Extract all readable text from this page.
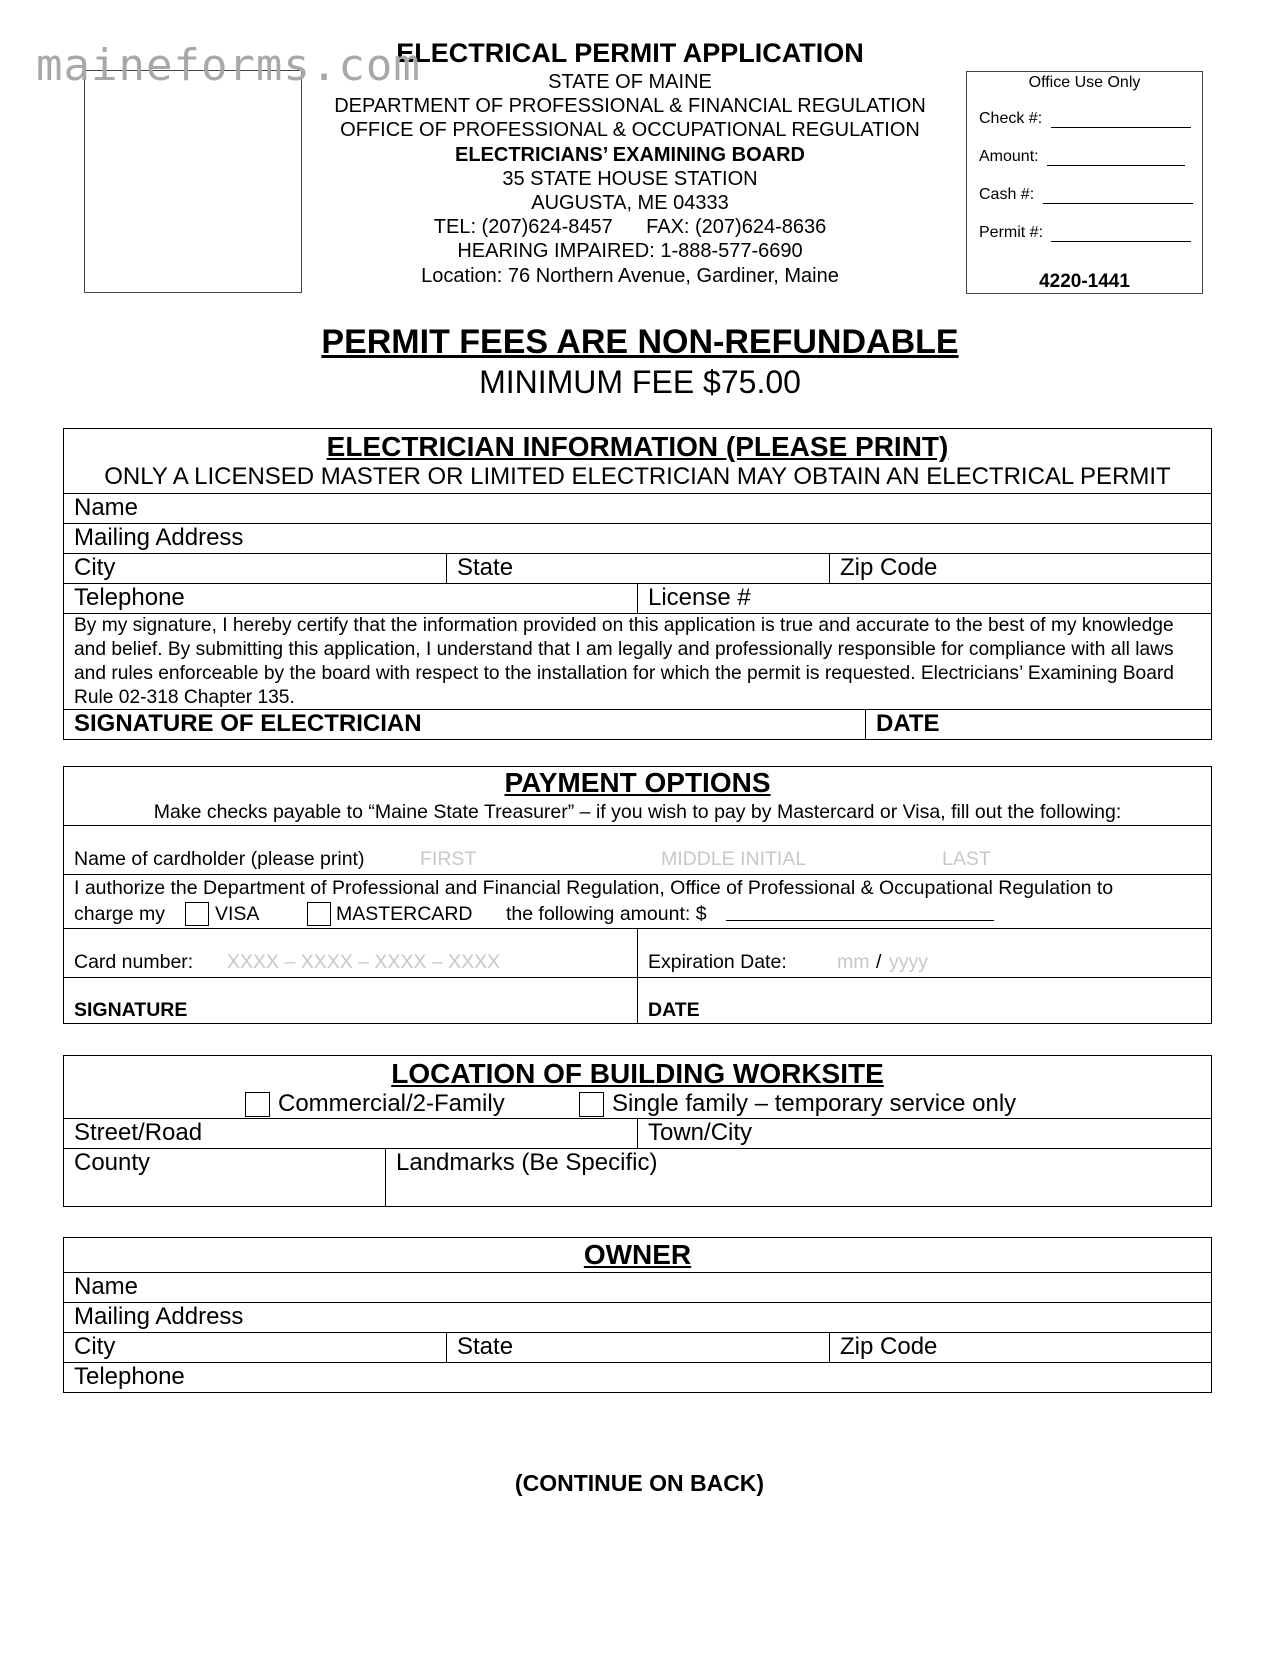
maineforms.com
ELECTRICAL PERMIT APPLICATION
STATE OF MAINE
DEPARTMENT OF PROFESSIONAL & FINANCIAL REGULATION
OFFICE OF PROFESSIONAL & OCCUPATIONAL REGULATION
ELECTRICIANS’ EXAMINING BOARD
35 STATE HOUSE STATION
AUGUSTA, ME 04333
TEL: (207)624-8457      FAX: (207)624-8636
HEARING IMPAIRED: 1-888-577-6690
Location: 76 Northern Avenue, Gardiner, Maine
Office Use Only
Check #:
Amount:
Cash #:
Permit #:
4220-1441
PERMIT FEES ARE NON-REFUNDABLE
MINIMUM FEE $75.00
ELECTRICIAN INFORMATION (PLEASE PRINT)
ONLY A LICENSED MASTER OR LIMITED ELECTRICIAN MAY OBTAIN AN ELECTRICAL PERMIT
Name
Mailing Address
City	State	Zip Code
Telephone	License #
By my signature, I hereby certify that the information provided on this application is true and accurate to the best of my knowledge and belief. By submitting this application, I understand that I am legally and professionally responsible for compliance with all laws and rules enforceable by the board with respect to the installation for which the permit is requested. Electricians’ Examining Board Rule 02-318 Chapter 135.
SIGNATURE OF ELECTRICIAN	DATE
PAYMENT OPTIONS
Make checks payable to “Maine State Treasurer” – if you wish to pay by Mastercard or Visa, fill out the following:
Name of cardholder (please print)	FIRST	MIDDLE INITIAL	LAST
I authorize the Department of Professional and Financial Regulation, Office of Professional & Occupational Regulation to
charge my	VISA	MASTERCARD the following amount: $
Card number: XXXX – XXXX – XXXX – XXXX	Expiration Date:	mm / yyyy
SIGNATURE	DATE
LOCATION OF BUILDING WORKSITE
Commercial/2-Family	Single family – temporary service only
Street/Road	Town/City
County	Landmarks (Be Specific)
OWNER
Name
Mailing Address
City	State	Zip Code
Telephone
(CONTINUE ON BACK)
